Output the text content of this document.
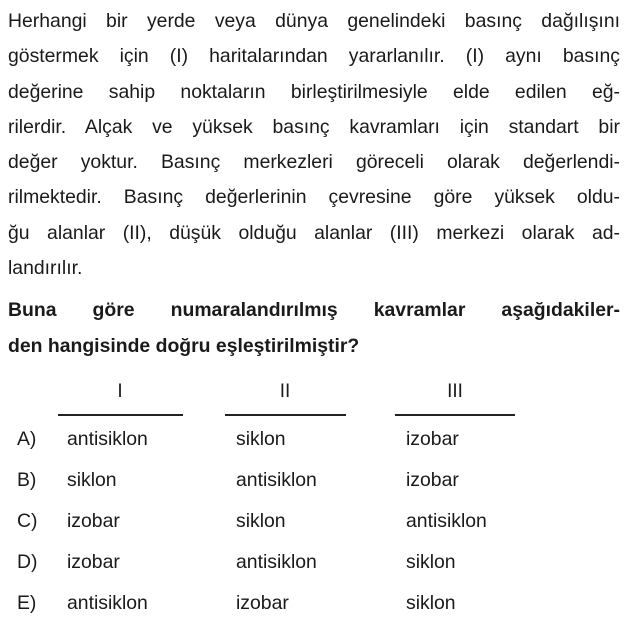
Herhangi bir yerde veya dünya genelindeki basınç dağılışını
göstermek için (I) haritalarından yararlanılır. (I) aynı basınç
değerine sahip noktaların birleştirilmesiyle elde edilen eğ-
rilerdir. Alçak ve yüksek basınç kavramları için standart bir
değer yoktur. Basınç merkezleri göreceli olarak değerlendi-
rilmektedir. Basınç değerlerinin çevresine göre yüksek oldu-
ğu alanlar (II), düşük olduğu alanlar (III) merkezi olarak ad-
landırılır.
Buna göre numaralandırılmış kavramlar aşağıdakiler-
den hangisinde doğru eşleştirilmiştir?
I	II	III
A) antisiklon	siklon	izobar
B) siklon	antisiklon	izobar
C) izobar	siklon	antisiklon
D) izobar	antisiklon	siklon
E) antisiklon	izobar	siklon
